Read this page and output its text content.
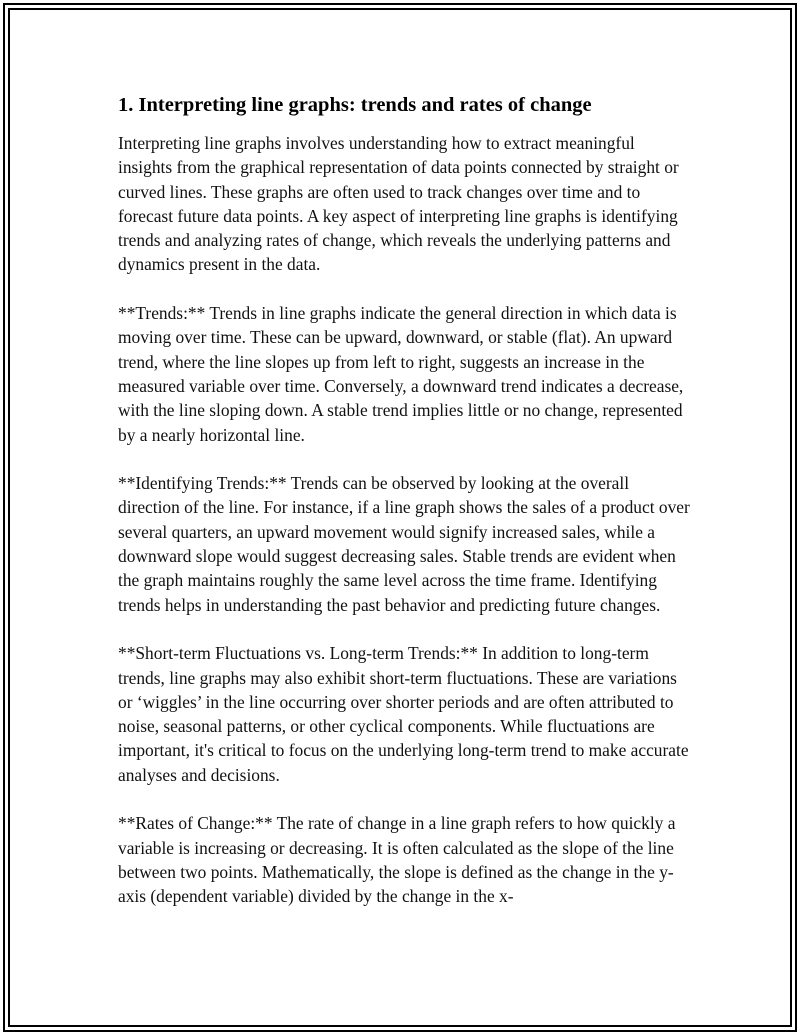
1. Interpreting line graphs: trends and rates of change

Interpreting line graphs involves understanding how to extract meaningful insights from the graphical representation of data points connected by straight or curved lines. These graphs are often used to track changes over time and to forecast future data points. A key aspect of interpreting line graphs is identifying trends and analyzing rates of change, which reveals the underlying patterns and dynamics present in the data.

**Trends:** Trends in line graphs indicate the general direction in which data is moving over time. These can be upward, downward, or stable (flat). An upward trend, where the line slopes up from left to right, suggests an increase in the measured variable over time. Conversely, a downward trend indicates a decrease, with the line sloping down. A stable trend implies little or no change, represented by a nearly horizontal line.

**Identifying Trends:** Trends can be observed by looking at the overall direction of the line. For instance, if a line graph shows the sales of a product over several quarters, an upward movement would signify increased sales, while a downward slope would suggest decreasing sales. Stable trends are evident when the graph maintains roughly the same level across the time frame. Identifying trends helps in understanding the past behavior and predicting future changes.

**Short-term Fluctuations vs. Long-term Trends:** In addition to long-term trends, line graphs may also exhibit short-term fluctuations. These are variations or ‘wiggles’ in the line occurring over shorter periods and are often attributed to noise, seasonal patterns, or other cyclical components. While fluctuations are important, it's critical to focus on the underlying long-term trend to make accurate analyses and decisions.

**Rates of Change:** The rate of change in a line graph refers to how quickly a variable is increasing or decreasing. It is often calculated as the slope of the line between two points. Mathematically, the slope is defined as the change in the y-axis (dependent variable) divided by the change in the x-
